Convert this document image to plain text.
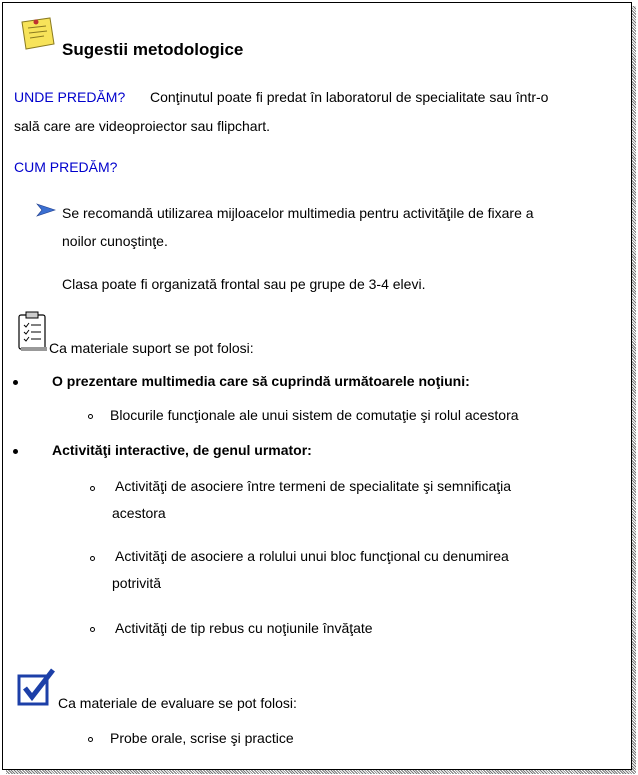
Sugestii metodologice
UNDE PREDĂM? Conţinutul poate fi predat în laboratorul de specialitate sau într-o
sală care are videoproiector sau flipchart.
CUM PREDĂM?
Se recomandă utilizarea mijloacelor multimedia pentru activităţile de fixare a
noilor cunoştinţe.
Clasa poate fi organizată frontal sau pe grupe de 3-4 elevi.
Ca materiale suport se pot folosi:
O prezentare multimedia care să cuprindă următoarele noţiuni:
Blocurile funcţionale ale unui sistem de comutaţie şi rolul acestora
Activităţi interactive, de genul urmator:
Activităţi de asociere între termeni de specialitate şi semnificaţia
acestora
Activităţi de asociere a rolului unui bloc funcţional cu denumirea
potrivită
Activităţi de tip rebus cu noţiunile învăţate
Ca materiale de evaluare se pot folosi:
Probe orale, scrise şi practice
